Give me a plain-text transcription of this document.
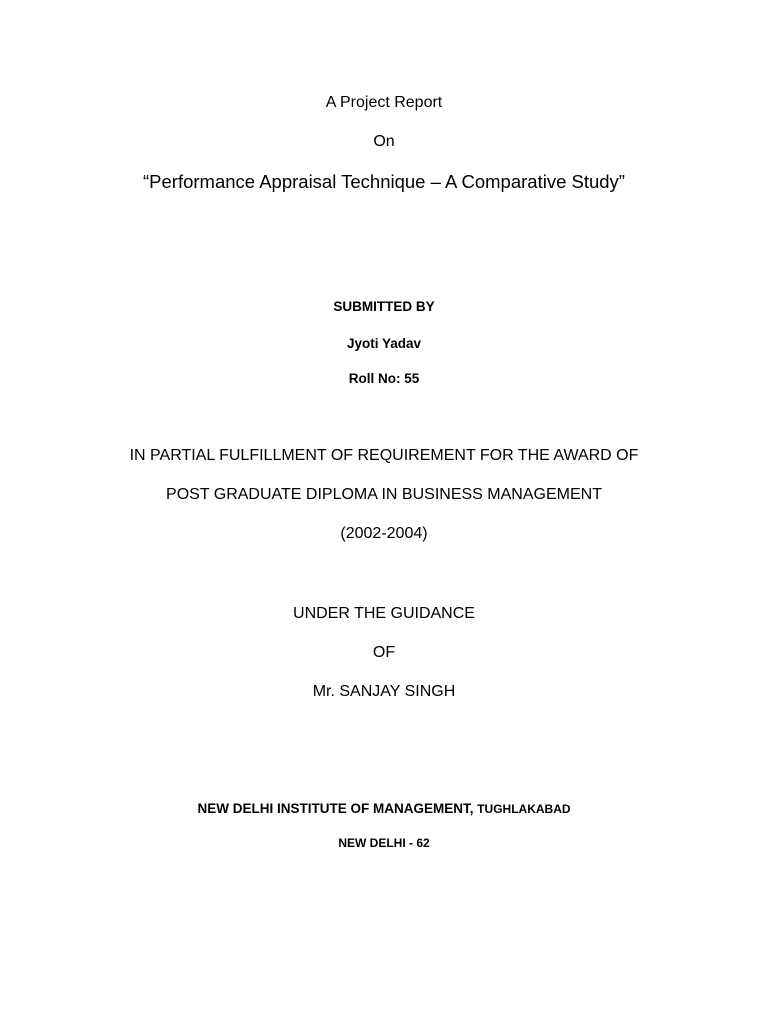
A Project Report
On
“Performance Appraisal Technique – A Comparative Study”
SUBMITTED BY
Jyoti Yadav
Roll No: 55
IN PARTIAL FULFILLMENT OF REQUIREMENT FOR THE AWARD OF
POST GRADUATE DIPLOMA IN BUSINESS MANAGEMENT
(2002-2004)
UNDER THE GUIDANCE
OF
Mr. SANJAY SINGH
NEW DELHI INSTITUTE OF MANAGEMENT, TUGHLAKABAD
NEW DELHI - 62
